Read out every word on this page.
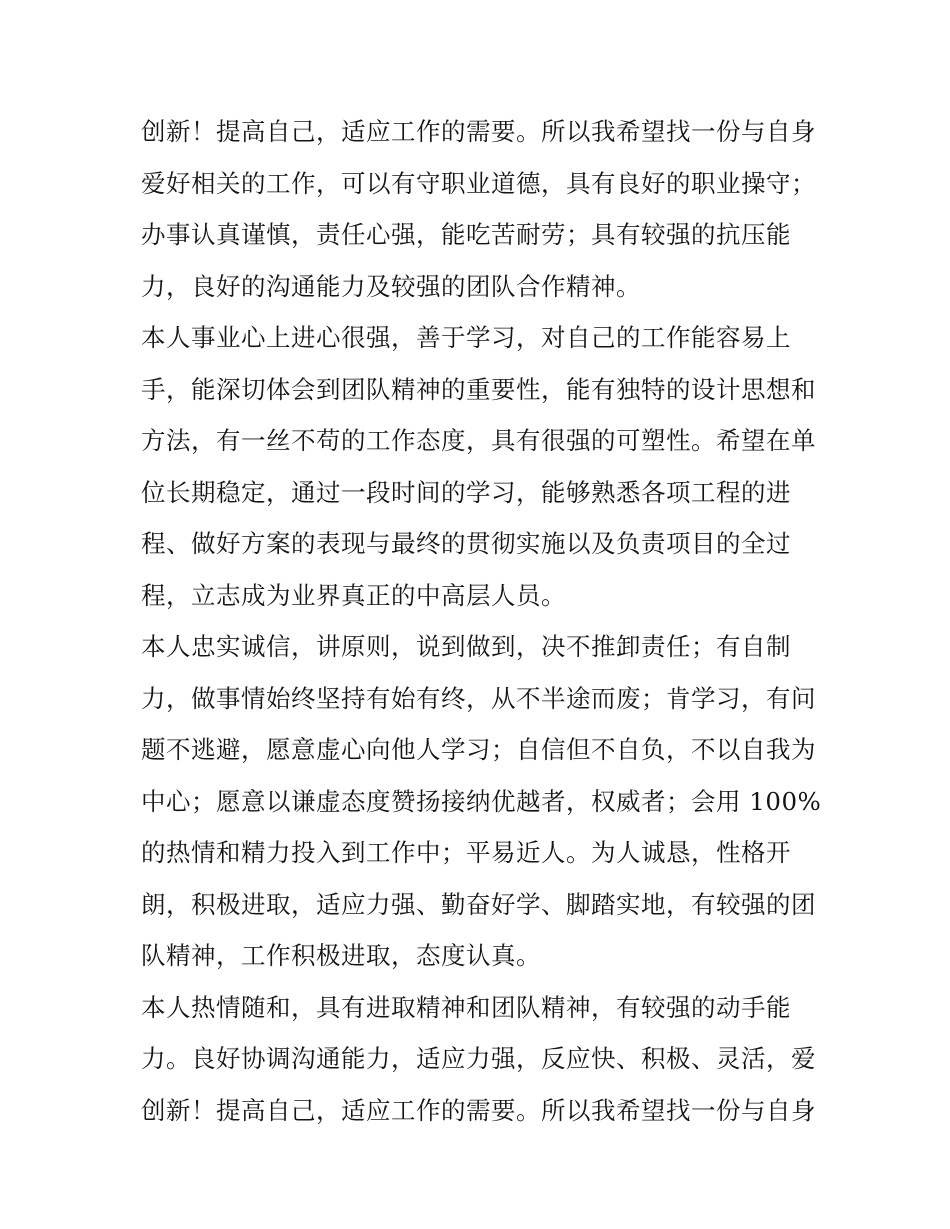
创新！提高自己，适应工作的需要。所以我希望找一份与自身
爱好相关的工作，可以有守职业道德，具有良好的职业操守；
办事认真谨慎，责任心强，能吃苦耐劳；具有较强的抗压能
力，良好的沟通能力及较强的团队合作精神。
本人事业心上进心很强，善于学习，对自己的工作能容易上
手，能深切体会到团队精神的重要性，能有独特的设计思想和
方法，有一丝不苟的工作态度，具有很强的可塑性。希望在单
位长期稳定，通过一段时间的学习，能够熟悉各项工程的进
程、做好方案的表现与最终的贯彻实施以及负责项目的全过
程，立志成为业界真正的中高层人员。
本人忠实诚信，讲原则，说到做到，决不推卸责任；有自制
力，做事情始终坚持有始有终，从不半途而废；肯学习，有问
题不逃避，愿意虚心向他人学习；自信但不自负，不以自我为
中心；愿意以谦虚态度赞扬接纳优越者，权威者；会用 100%
的热情和精力投入到工作中；平易近人。为人诚恳，性格开
朗，积极进取，适应力强、勤奋好学、脚踏实地，有较强的团
队精神，工作积极进取，态度认真。
本人热情随和，具有进取精神和团队精神，有较强的动手能
力。良好协调沟通能力，适应力强，反应快、积极、灵活，爱
创新！提高自己，适应工作的需要。所以我希望找一份与自身
